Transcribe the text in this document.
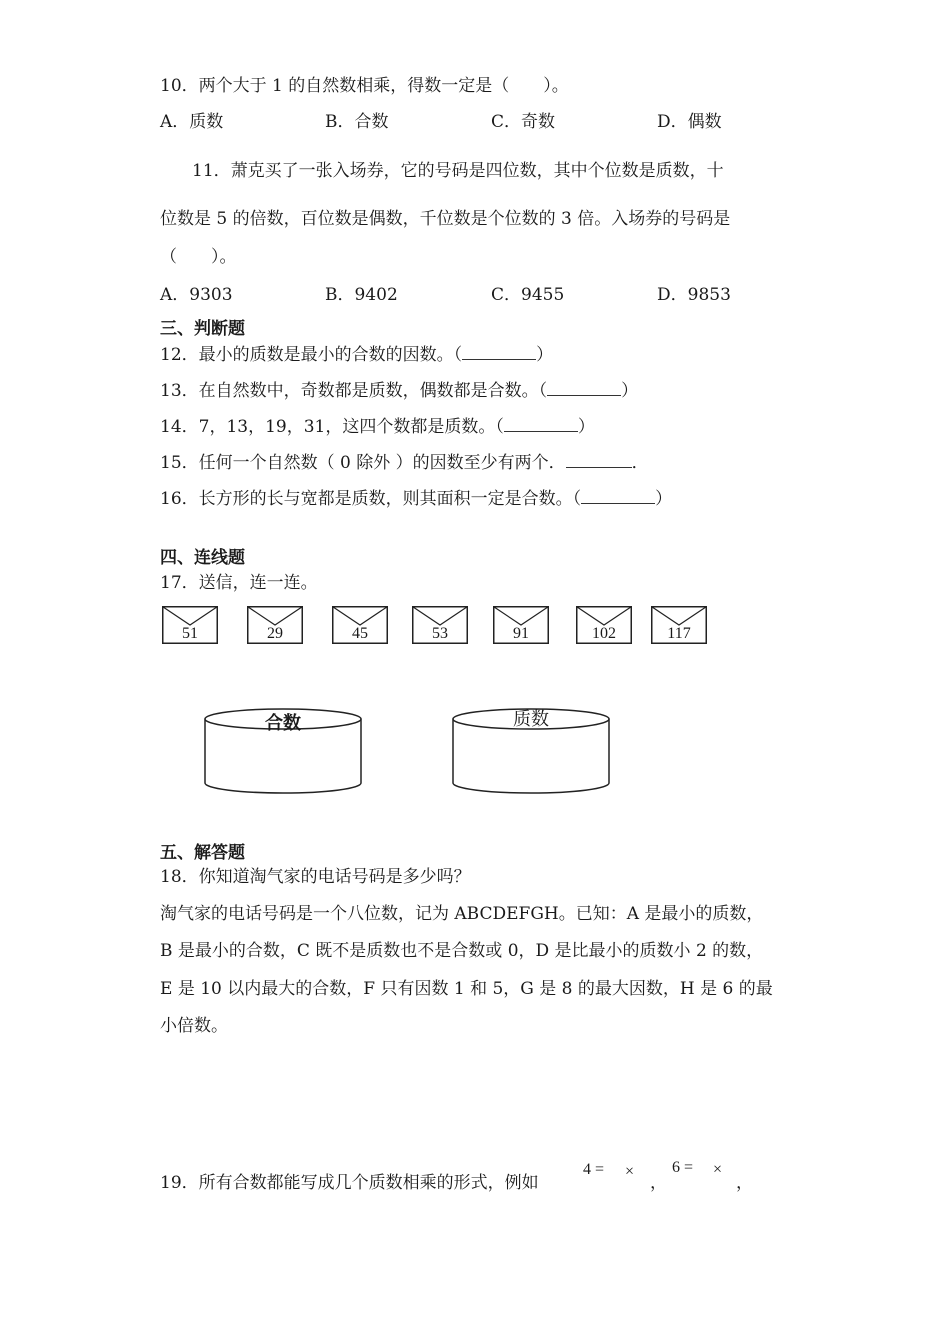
10．两个大于 1 的自然数相乘，得数一定是（　　）。
A．质数	B．合数	C．奇数	D．偶数
11．萧克买了一张入场券，它的号码是四位数，其中个位数是质数，十
位数是 5 的倍数，百位数是偶数，千位数是个位数的 3 倍。入场券的号码是
（　　）。
A．9303	B．9402	C．9455	D．9853
三、判断题
12．最小的质数是最小的合数的因数。（	）
13．在自然数中，奇数都是质数，偶数都是合数。（	）
14．7，13，19，31，这四个数都是质数。（	）
15．任何一个自然数（ 0 除外 ）的因数至少有两个．	．
16．长方形的长与宽都是质数，则其面积一定是合数。（	）
四、连线题
17．送信，连一连。
51	29	45	53	91	102	117
合数	质数
五、解答题
18．你知道淘气家的电话号码是多少吗？
淘气家的电话号码是一个八位数，记为 ABCDEFGH。已知：A 是最小的质数，
B 是最小的合数，C 既不是质数也不是合数或 0，D 是比最小的质数小 2 的数，
E 是 10 以内最大的合数，F 只有因数 1 和 5，G 是 8 的最大因数，H 是 6 的最
小倍数。
19．所有合数都能写成几个质数相乘的形式，例如
4 = ×
，
6 = ×
，
